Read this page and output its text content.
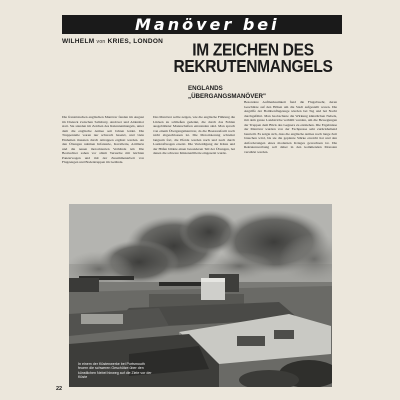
Manöver bei
WILHELM von KRIES, LONDON	IM ZEICHEN DES
REKRUTENMANGELS
ENGLANDS
„ÜBERGANGSMANÖVER"
Die französischen englischen Manöver fanden im August im Dreieck zwischen Salisbury, Andover und Aldershot statt. Sie standen im Zeichen des Rekrutenmangels, unter dem die englische Armee seit Jahren leidet. Die Truppenteile waren nur schwach besetzt, und viele Einheiten mussten durch Attrappen ergänzt werden. An den Übungen nahmen Infanterie, Kavallerie, Artillerie und die neuen motorisierten Verbände teil. Die Beobachter sahen vor allem Versuche mit leichten Panzerwagen und mit der Zusammenarbeit von Flugzeugen und Bodentruppen im Gelände.
Das Manöver sollte zeigen, wie die englische Führung die Lücken zu schließen gedenkt, die durch das Fehlen ausgebildeter Mannschaften entstanden sind. Man sprach von einem Übergangsmanöver, da die Heeresreform noch nicht abgeschlossen ist. Die Motorisierung schreitet langsam fort, die Pferde werden nach und nach durch Lastkraftwagen ersetzt. Die Verteidigung der Küste und der Häfen bildete einen besonderen Teil der Übungen, bei denen die schwere Küstenartillerie eingesetzt wurde.
Besondere Aufmerksamkeit fand die Flugabwehr, deren Geschütze auf den Höhen um die Stadt aufgestellt waren. Die Angriffe der Bombenflugzeuge wurden bei Tag und bei Nacht durchgeführt. Man beobachtete die Wirkung künstlichen Nebels, mit dem ganze Landstriche verhüllt wurden, um die Bewegungen der Truppen dem Blick des Gegners zu entziehen. Die Ergebnisse der Manöver wurden von der Fachpresse sehr zurückhaltend beurteilt. Es zeigte sich, dass die englische Armee noch lange Zeit brauchen wird, bis sie die geplante Stärke erreicht hat und den Anforderungen eines modernen Krieges gewachsen ist. Die Rekrutenwerbung soll daher in den kommenden Monaten verstärkt werden.
In einem der Küstenwerke bei Portsmouth feuern die schweren Geschütze über den künstlichen Nebel hinweg auf die Ziele vor der Küste
22
